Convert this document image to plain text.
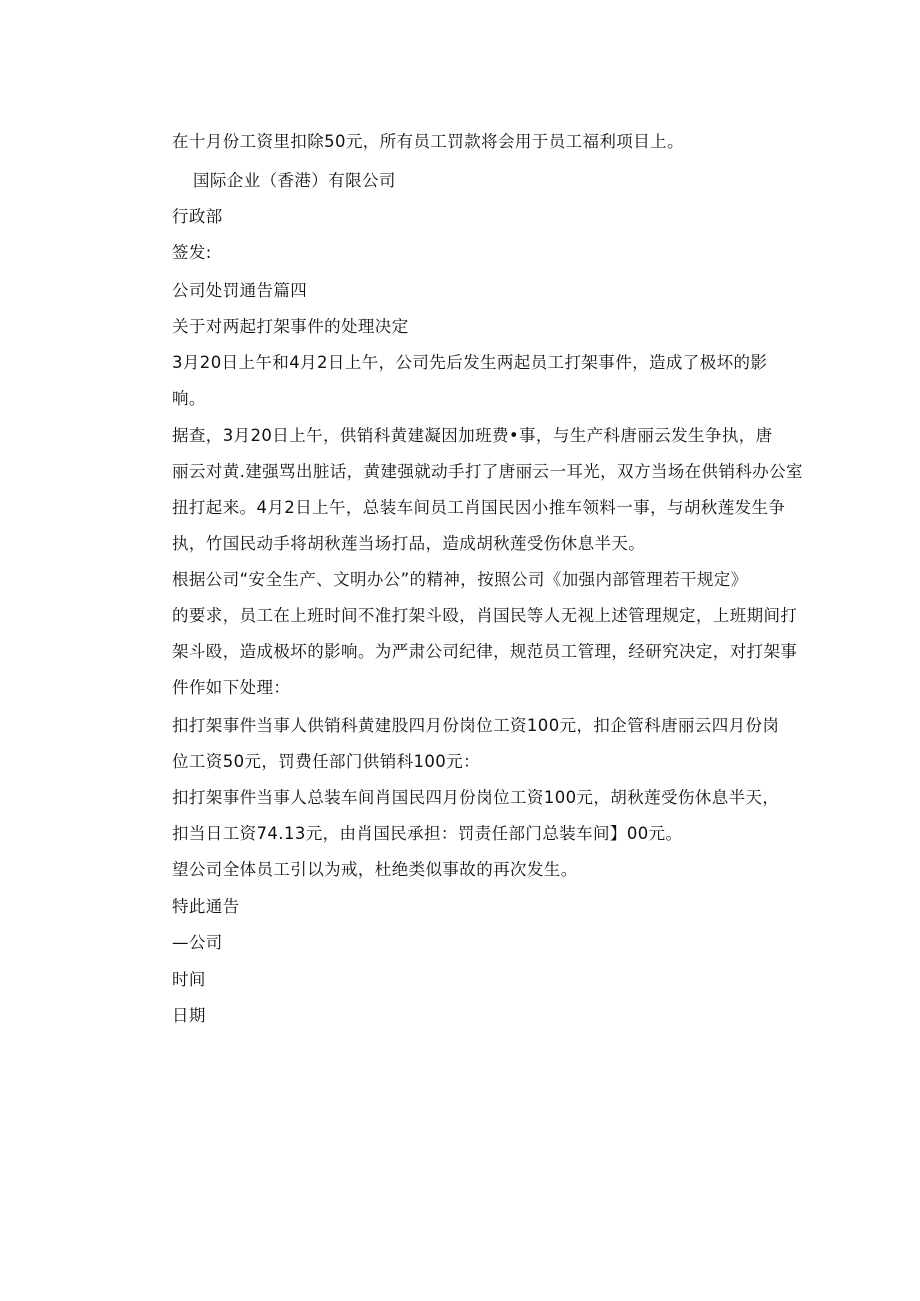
在十月份工资里扣除50元，所有员工罚款将会用于员工福利项目上。
国际企业（香港）有限公司
行政部
签发:
公司处罚通告篇四
关于对两起打架事件的处理决定
3月20日上午和4月2日上午，公司先后发生两起员工打架事件，造成了极坏的影
响。
据查，3月20日上午，供销科黄建凝因加班费•事，与生产科唐丽云发生争执，唐
丽云对黄.建强骂出脏话，黄建强就动手打了唐丽云一耳光，双方当场在供销科办公室
扭打起来。4月2日上午，总装车间员工肖国民因小推车领料一事，与胡秋莲发生争
执，竹国民动手将胡秋莲当场打品，造成胡秋莲受伤休息半天。
根据公司“安全生产、文明办公”的精神，按照公司《加强内部管理若干规定》
的要求，员工在上班时间不准打架斗殴，肖国民等人无视上述管理规定，上班期间打
架斗殴，造成极坏的影响。为严肃公司纪律，规范员工管理，经研究决定，对打架事
件作如下处理：
扣打架事件当事人供销科黄建股四月份岗位工资100元，扣企管科唐丽云四月份岗
位工资50元，罚费任部门供销科100元：
扣打架事件当事人总装车间肖国民四月份岗位工资100元，胡秋莲受伤休息半天，
扣当日工资74.13元，由肖国民承担：罚责任部门总装车间】00元。
望公司全体员工引以为戒，杜绝类似事故的再次发生。
特此通告
—公司
时间
日期
